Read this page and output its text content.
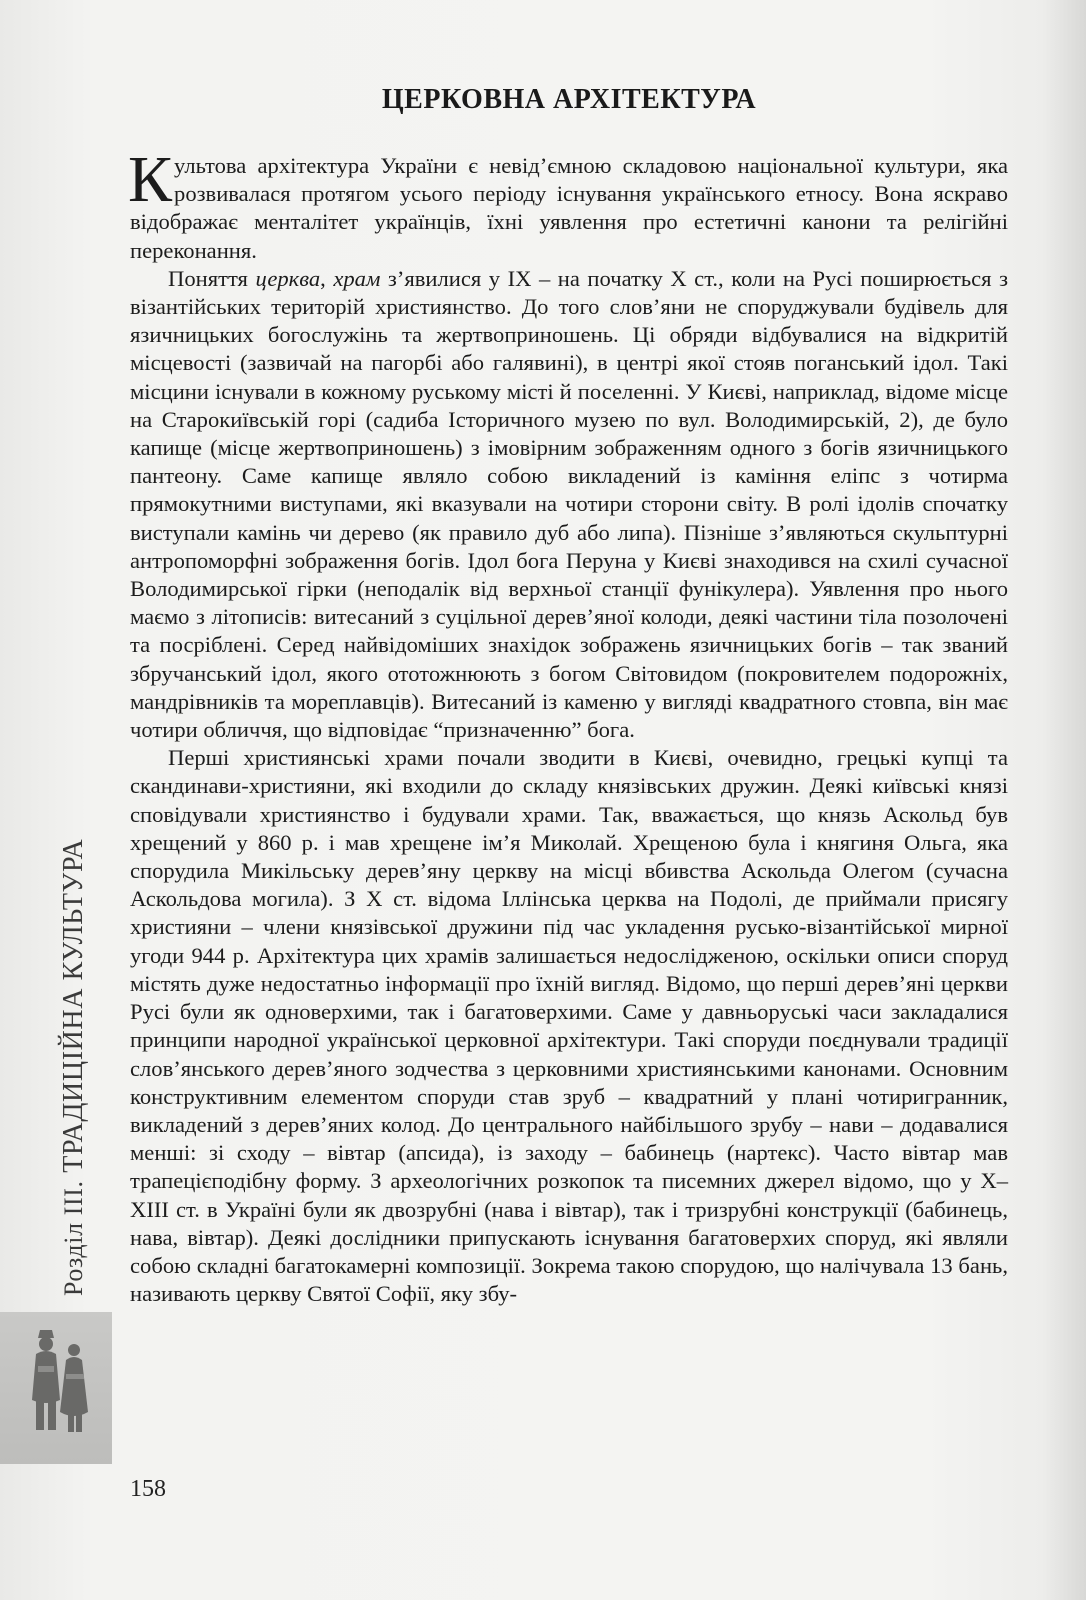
Розділ III. ТРАДИЦІЙНА КУЛЬТУРА
ЦЕРКОВНА АРХІТЕКТУРА

Культова архітектура України є невід’ємною складовою національної культури, яка розвивалася протягом усього періоду існування українського етносу. Вона яскраво відображає менталітет українців, їхні уявлення про естетичні канони та релігійні переконання.

Поняття церква, храм з’явилися у ІХ – на початку Х ст., коли на Русі поширюється з візантійських територій християнство. До того слов’яни не споруджували будівель для язичницьких богослужінь та жертвоприношень. Ці обряди відбувалися на відкритій місцевості (зазвичай на пагорбі або галявині), в центрі якої стояв поганський ідол. Такі місцини існували в кожному руському місті й поселенні. У Києві, наприклад, відоме місце на Старокиївській горі (садиба Історичного музею по вул. Володимирській, 2), де було капище (місце жертвоприношень) з імовірним зображенням одного з богів язичницького пантеону. Саме капище являло собою викладений із каміння еліпс з чотирма прямокутними виступами, які вказували на чотири сторони світу. В ролі ідолів спочатку виступали камінь чи дерево (як правило дуб або липа). Пізніше з’являються скульптурні антропоморфні зображення богів. Ідол бога Перуна у Києві знаходився на схилі сучасної Володимирської гірки (неподалік від верхньої станції фунікулера). Уявлення про нього маємо з літописів: витесаний з суцільної дерев’яної колоди, деякі частини тіла позолочені та посріблені. Серед найвідоміших знахідок зображень язичницьких богів – так званий збручанський ідол, якого ототожнюють з богом Світовидом (покровителем подорожніх, мандрівників та мореплавців). Витесаний із каменю у вигляді квадратного стовпа, він має чотири обличчя, що відповідає “призначенню” бога.

Перші християнські храми почали зводити в Києві, очевидно, грецькі купці та скандинави-християни, які входили до складу князівських дружин. Деякі київські князі сповідували християнство і будували храми. Так, вважається, що князь Аскольд був хрещений у 860 р. і мав хрещене ім’я Миколай. Хрещеною була і княгиня Ольга, яка спорудила Микільську дерев’яну церкву на місці вбивства Аскольда Олегом (сучасна Аскольдова могила). З Х ст. відома Іллінська церква на Подолі, де приймали присягу християни – члени князівської дружини під час укладення русько-візантійської мирної угоди 944 р. Архітектура цих храмів залишається недослідженою, оскільки описи споруд містять дуже недостатньо інформації про їхній вигляд. Відомо, що перші дерев’яні церкви Русі були як одноверхими, так і багатоверхими. Саме у давньоруські часи закладалися принципи народної української церковної архітектури. Такі споруди поєднували традиції слов’янського дерев’яного зодчества з церковними християнськими канонами. Основним конструктивним елементом споруди став зруб – квадратний у плані чотиригранник, викладений з дерев’яних колод. До центрального найбільшого зрубу – нави – додавалися менші: зі сходу – вівтар (апсида), із заходу – бабинець (нартекс). Часто вівтар мав трапецієподібну форму. З археологічних розкопок та писемних джерел відомо, що у Х–ХІІІ ст. в Україні були як двозрубні (нава і вівтар), так і тризрубні конструкції (бабинець, нава, вівтар). Деякі дослідники припускають існування багатоверхих споруд, які являли собою складні багатокамерні композиції. Зокрема такою спорудою, що налічувала 13 бань, називають церкву Святої Софії, яку збу-

158
